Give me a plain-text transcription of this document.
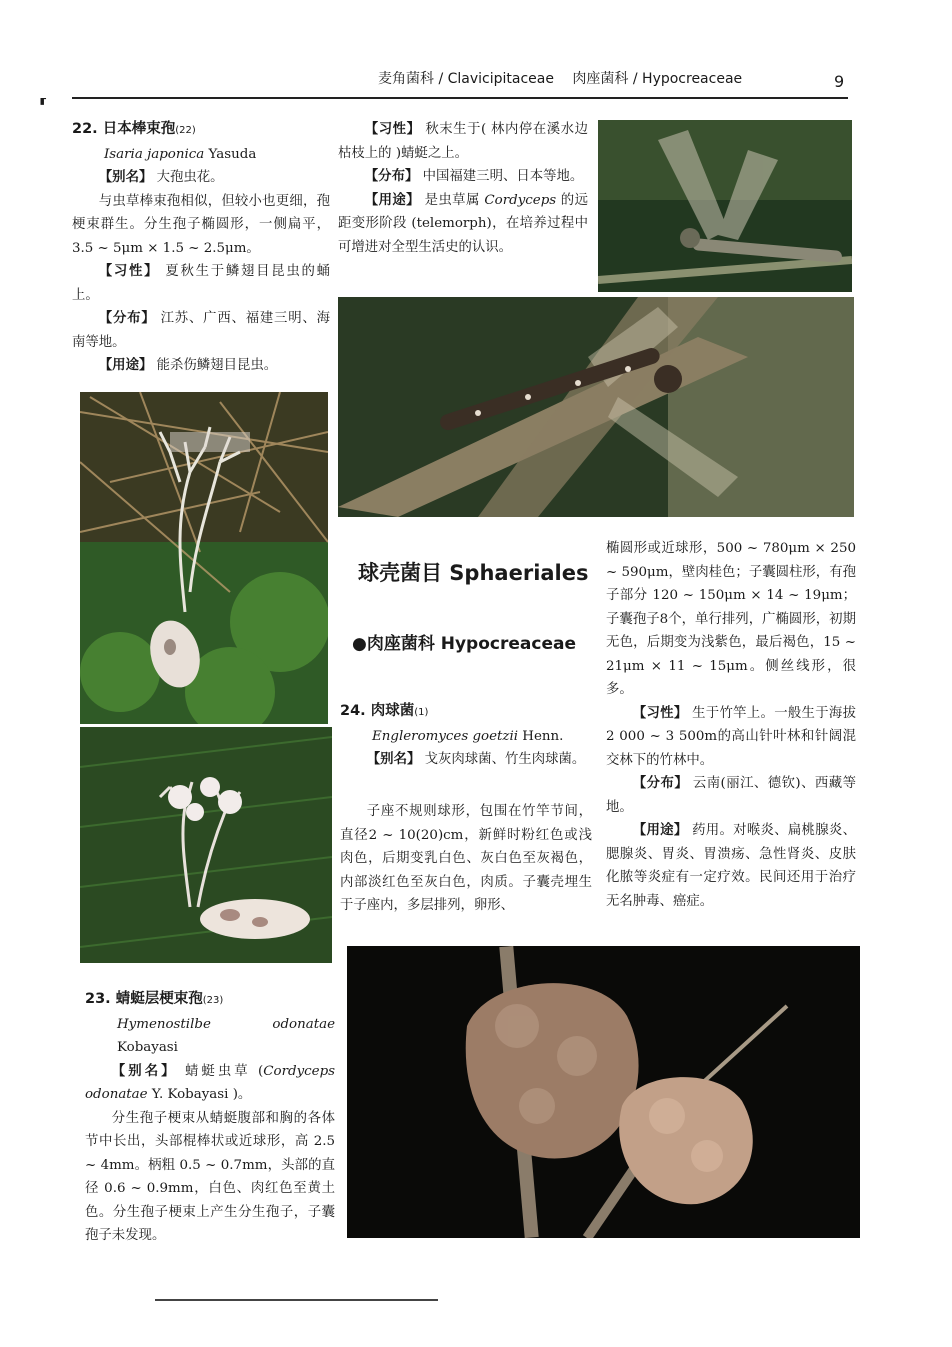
麦角菌科 / Clavicipitaceae　 肉座菌科 / Hypocreaceae	9
⸢

22. 日本棒束孢(22)

Isaria japonica Yasuda

【别名】 大孢虫花。

与虫草棒束孢相似，但较小也更细，孢梗束群生。分生孢子椭圆形，一侧扁平，3.5 ~ 5μm × 1.5 ~ 2.5μm。

【习性】 夏秋生于鳞翅目昆虫的蛹上。

【分布】 江苏、广西、福建三明、海南等地。

【用途】 能杀伤鳞翅目昆虫。

23. 蜻蜓层梗束孢(23)

Hymenostilbe odonatae Kobayasi

【别名】 蜻蜓虫草 (Cordyceps odonatae Y. Kobayasi )。

分生孢子梗束从蜻蜓腹部和胸的各体节中长出，头部棍棒状或近球形，高 2.5 ~ 4mm。柄粗 0.5 ~ 0.7mm，头部的直径 0.6 ~ 0.9mm，白色、肉红色至黄土色。分生孢子梗束上产生分生孢子，子囊孢子未发现。

【习性】 秋末生于( 林内停在溪水边枯枝上的 )蜻蜓之上。

【分布】 中国福建三明、日本等地。

【用途】 是虫草属 Cordyceps 的远距变形阶段 (telemorph)，在培养过程中可增进对全型生活史的认识。

球壳菌目 Sphaeriales
●肉座菌科 Hypocreaceae

24. 肉球菌(1)

Engleromyces goetzii Henn.

【别名】 戈灰肉球菌、竹生肉球菌。

子座不规则球形，包围在竹竿节间，直径2 ~ 10(20)cm，新鲜时粉红色或浅肉色，后期变乳白色、灰白色至灰褐色，内部淡红色至灰白色，肉质。子囊壳埋生于子座内，多层排列，卵形、

椭圆形或近球形，500 ~ 780μm × 250 ~ 590μm，壁肉桂色；子囊圆柱形，有孢子部分 120 ~ 150μm × 14 ~ 19μm；子囊孢子8个，单行排列，广椭圆形，初期无色，后期变为浅紫色，最后褐色，15 ~ 21μm × 11 ~ 15μm。侧丝线形，很多。

【习性】 生于竹竿上。一般生于海拔2 000 ~ 3 500m的高山针叶林和针阔混交林下的竹林中。

【分布】 云南(丽江、德钦)、西藏等地。

【用途】 药用。对喉炎、扁桃腺炎、腮腺炎、胃炎、胃溃疡、急性肾炎、皮肤化脓等炎症有一定疗效。民间还用于治疗无名肿毒、癌症。
